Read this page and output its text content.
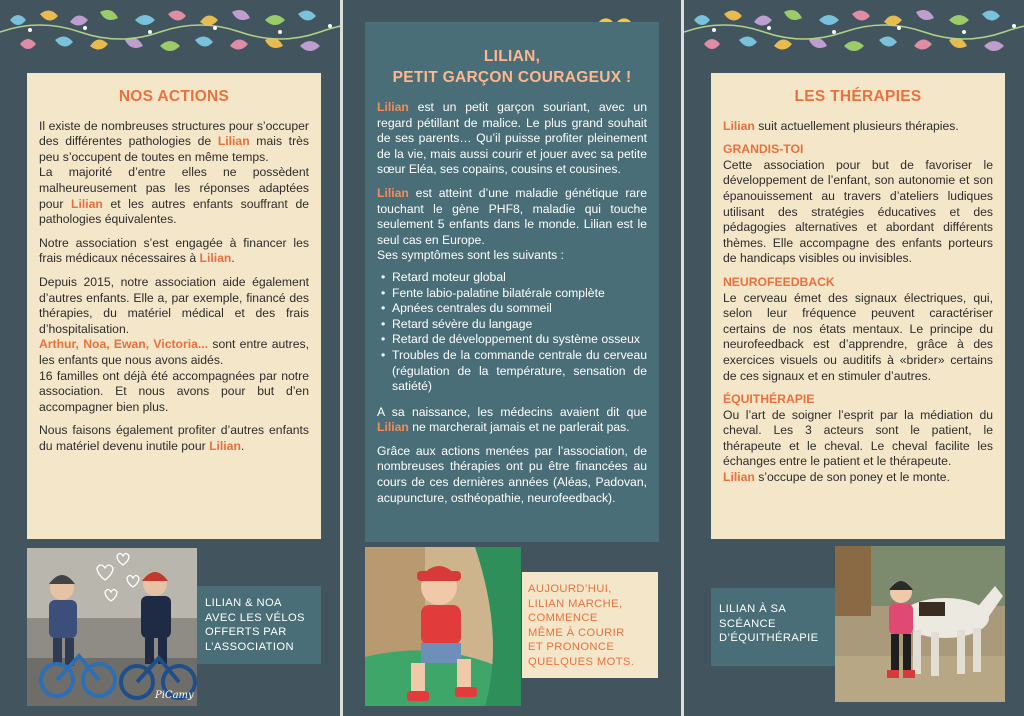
NOS ACTIONS

Il existe de nombreuses structures pour s’occuper des différentes pathologies de Lilian mais très peu s’occupent de toutes en même temps.

La majorité d’entre elles ne possèdent malheureusement pas les réponses adaptées pour Lilian et les autres enfants souffrant de pathologies équivalentes.

Notre association s’est engagée à financer les frais médicaux nécessaires à Lilian.

Depuis 2015, notre association aide également d’autres enfants. Elle a, par exemple, financé des thérapies, du matériel médical et des frais d’hospitalisation.

Arthur, Noa, Ewan, Victoria... sont entre autres, les enfants que nous avons aidés.

16 familles ont déjà été accompagnées par notre association. Et nous avons pour but d’en accompagner bien plus.

Nous faisons également profiter d’autres enfants du matériel devenu inutile pour Lilian.

PiCamy
LILIAN & NOA AVEC LES VÉLOS OFFERTS PAR L’ASSOCIATION
LILIAN,
PETIT GARÇON COURAGEUX !

Lilian est un petit garçon souriant, avec un regard pétillant de malice. Le plus grand souhait de ses parents… Qu’il puisse profiter pleinement de la vie, mais aussi courir et jouer avec sa petite sœur Eléa, ses copains, cousins et cousines.

Lilian est atteint d’une maladie génétique rare touchant le gène PHF8, maladie qui touche seulement 5 enfants dans le monde. Lilian est le seul cas en Europe.

Ses symptômes sont les suivants :

• Retard moteur global
• Fente labio-palatine bilatérale complète
• Apnées centrales du sommeil
• Retard sévère du langage
• Retard de développement du système osseux
• Troubles de la commande centrale du cerveau (régulation de la température, sensation de satiété)

A sa naissance, les médecins avaient dit que Lilian ne marcherait jamais et ne parlerait pas.

Grâce aux actions menées par l’association, de nombreuses thérapies ont pu être financées au cours de ces dernières années (Aléas, Padovan, acupuncture, osthéopathie, neurofeedback).

AUJOURD’HUI,
LILIAN MARCHE,
COMMENCE
MÊME À COURIR
ET PRONONCE
QUELQUES MOTS.
LES THÉRAPIES

Lilian suit actuellement plusieurs thérapies.

GRANDIS-TOI

Cette association pour but de favoriser le développement de l’enfant, son autonomie et son épanouissement au travers d’ateliers ludiques utilisant des stratégies éducatives et des pédagogies alternatives et abordant différents thèmes. Elle accompagne des enfants porteurs de handicaps visibles ou invisibles.

NEUROFEEDBACK

Le cerveau émet des signaux électriques, qui, selon leur fréquence peuvent caractériser certains de nos états mentaux. Le principe du neurofeedback est d’apprendre, grâce à des exercices visuels ou auditifs à «brider» certains de ces signaux et en stimuler d’autres.

ÉQUITHÉRAPIE

Ou l’art de soigner l’esprit par la médiation du cheval. Les 3 acteurs sont le patient, le thérapeute et le cheval. Le cheval facilite les échanges entre le patient et le thérapeute.

Lilian s’occupe de son poney et le monte.

LILIAN À SA SCÉANCE D’ÉQUITHÉRAPIE
